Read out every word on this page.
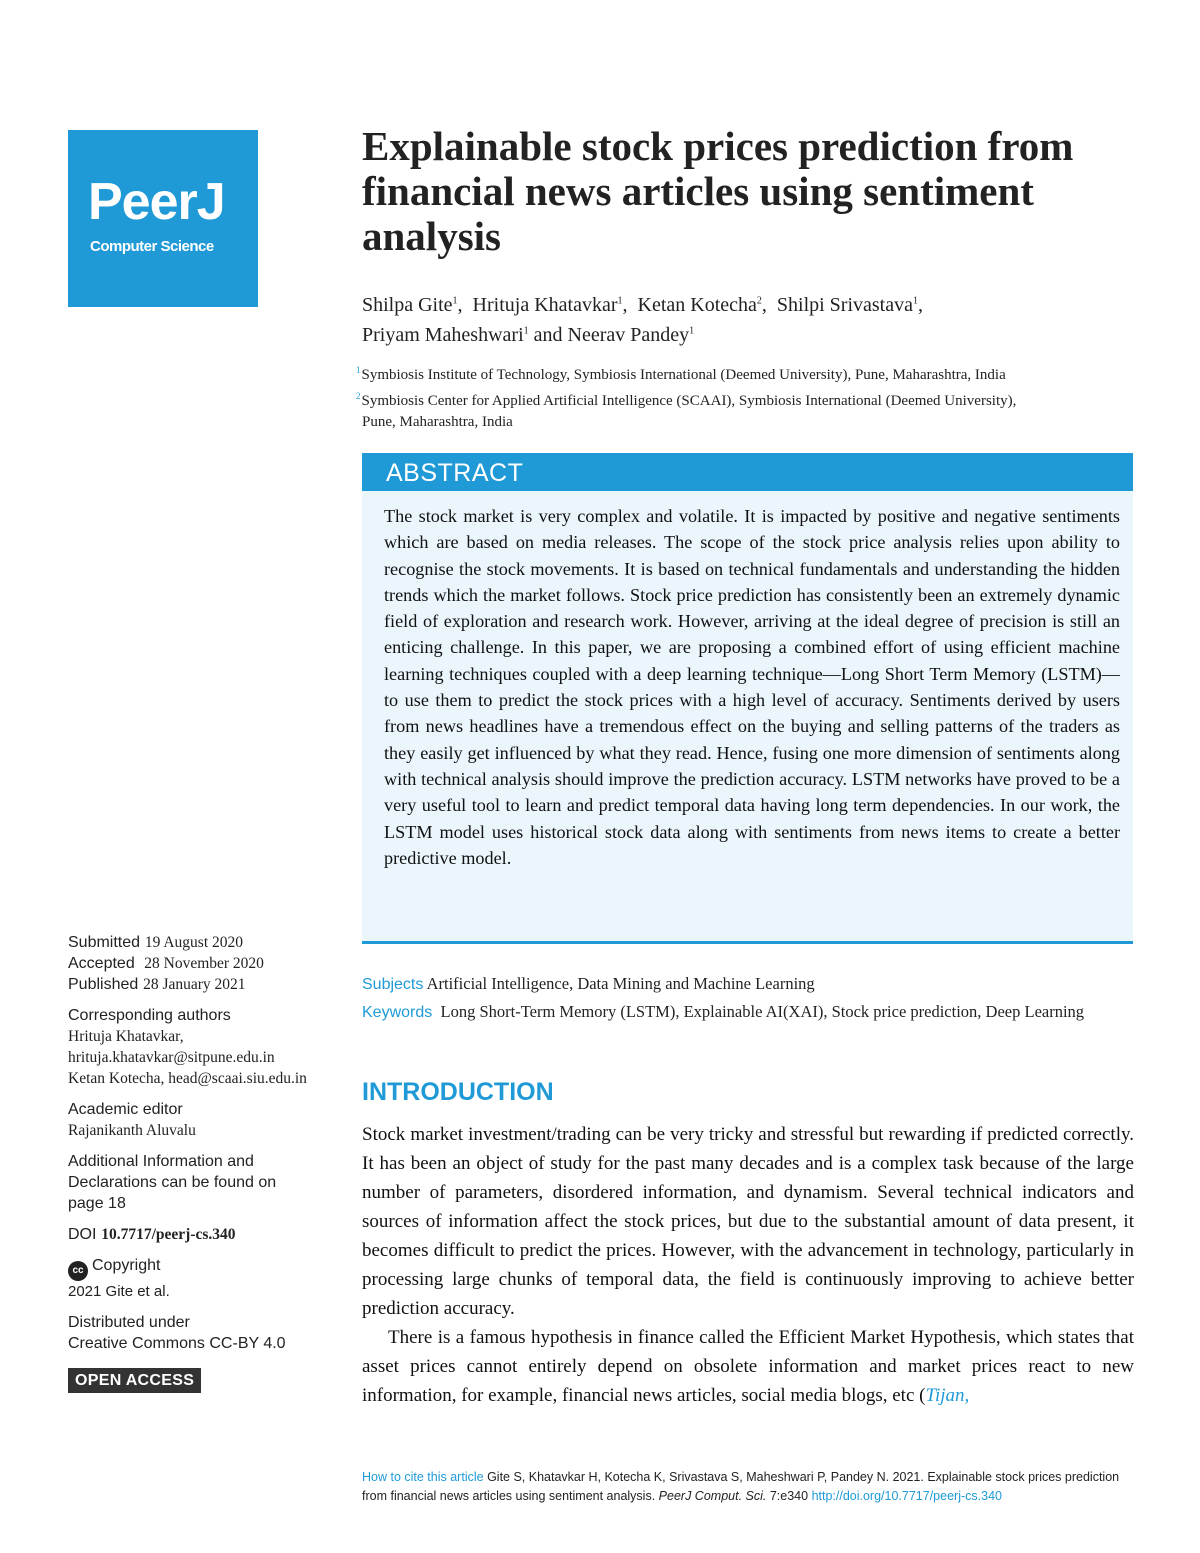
PeerJ
Computer Science
Explainable stock prices prediction from
financial news articles using sentiment
analysis
Shilpa Gite$^1$,  Hrituja Khatavkar$^1$,  Ketan Kotecha$^2$,  Shilpi Srivastava$^1$,
Priyam Maheshwari$^1$ and Neerav Pandey$^1$
$^1$Symbiosis Institute of Technology, Symbiosis International (Deemed University), Pune, Maharashtra, India
$^2$Symbiosis Center for Applied Artificial Intelligence (SCAAI), Symbiosis International (Deemed University),
Pune, Maharashtra, India
ABSTRACT
The stock market is very complex and volatile. It is impacted by positive and negative sentiments which are based on media releases. The scope of the stock price analysis relies upon ability to recognise the stock movements. It is based on technical fundamentals and understanding the hidden trends which the market follows. Stock price prediction has consistently been an extremely dynamic field of exploration and research work. However, arriving at the ideal degree of precision is still an enticing challenge. In this paper, we are proposing a combined effort of using efficient machine learning techniques coupled with a deep learning technique—Long Short Term Memory (LSTM)—to use them to predict the stock prices with a high level of accuracy. Sentiments derived by users from news headlines have a tremendous effect on the buying and selling patterns of the traders as they easily get influenced by what they read. Hence, fusing one more dimension of sentiments along with technical analysis should improve the prediction accuracy. LSTM networks have proved to be a very useful tool to learn and predict temporal data having long term dependencies. In our work, the LSTM model uses historical stock data along with sentiments from news items to create a better predictive model.
Submitted 19 August 2020
Accepted 28 November 2020
Published 28 January 2021
Corresponding authors
Hrituja Khatavkar,
hrituja.khatavkar@sitpune.edu.in
Ketan Kotecha, head@scaai.siu.edu.in
Academic editor
Rajanikanth Aluvalu
Additional Information and Declarations can be found on page 18
DOI 10.7717/peerj-cs.340
cc Copyright
2021 Gite et al.
Distributed under
Creative Commons CC-BY 4.0
OPEN ACCESS
Subjects Artificial Intelligence, Data Mining and Machine Learning
Keywords Long Short-Term Memory (LSTM), Explainable AI(XAI), Stock price prediction, Deep Learning
INTRODUCTION

Stock market investment/trading can be very tricky and stressful but rewarding if predicted correctly. It has been an object of study for the past many decades and is a complex task because of the large number of parameters, disordered information, and dynamism. Several technical indicators and sources of information affect the stock prices, but due to the substantial amount of data present, it becomes difficult to predict the prices. However, with the advancement in technology, particularly in processing large chunks of temporal data, the field is continuously improving to achieve better prediction accuracy.

There is a famous hypothesis in finance called the Efficient Market Hypothesis, which states that asset prices cannot entirely depend on obsolete information and market prices react to new information, for example, financial news articles, social media blogs, etc (Tijan,

How to cite this article Gite S, Khatavkar H, Kotecha K, Srivastava S, Maheshwari P, Pandey N. 2021. Explainable stock prices prediction from financial news articles using sentiment analysis. PeerJ Comput. Sci. 7:e340 http://doi.org/10.7717/peerj-cs.340
